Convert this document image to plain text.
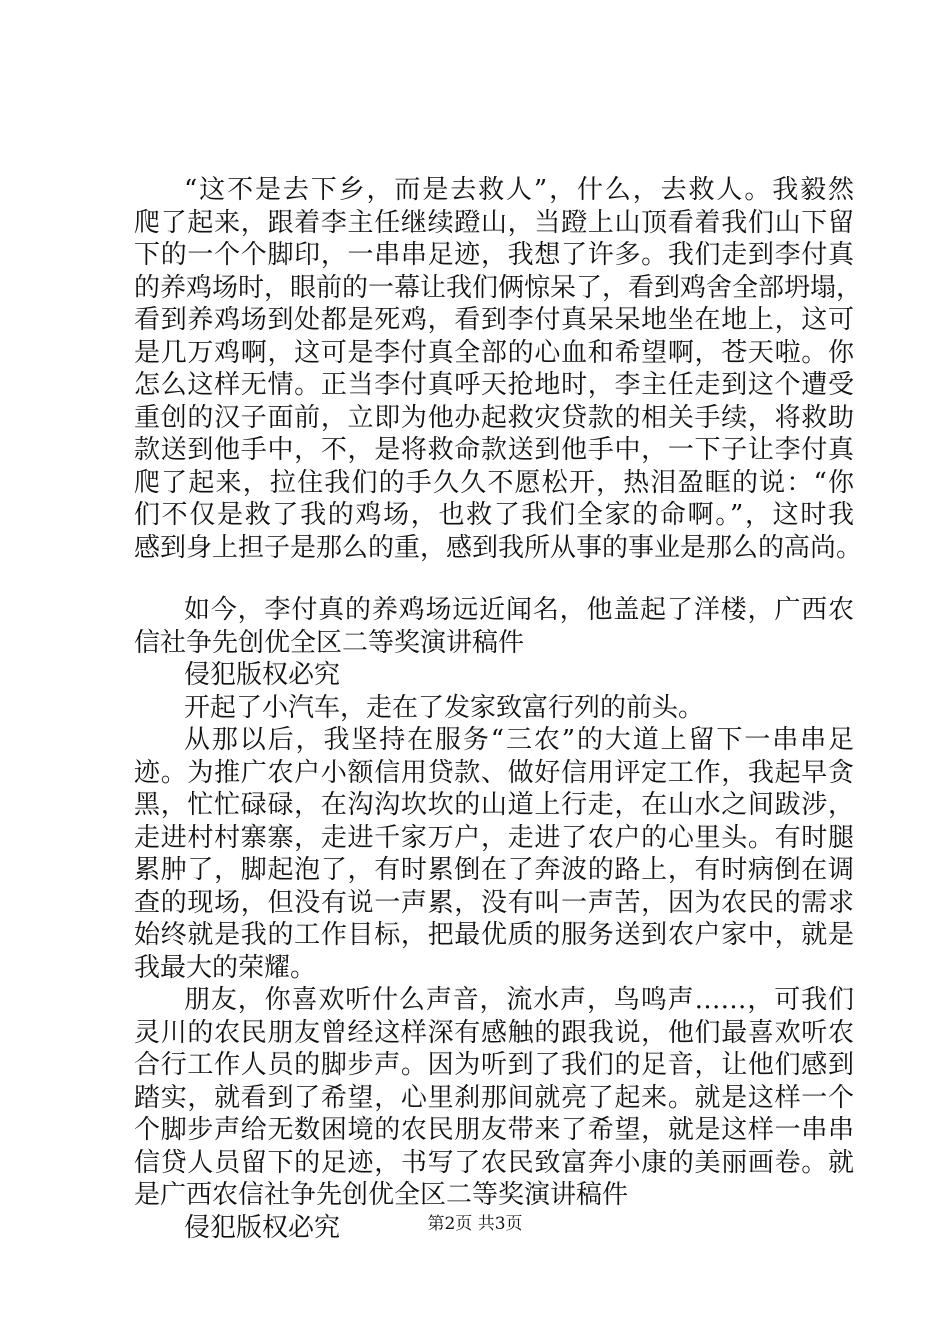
“这不是去下乡，而是去救人”，什么，去救人。我毅然
爬了起来，跟着李主任继续蹬山，当蹬上山顶看着我们山下留
下的一个个脚印，一串串足迹，我想了许多。我们走到李付真
的养鸡场时，眼前的一幕让我们俩惊呆了，看到鸡舍全部坍塌，
看到养鸡场到处都是死鸡，看到李付真呆呆地坐在地上，这可
是几万鸡啊，这可是李付真全部的心血和希望啊，苍天啦。你
怎么这样无情。正当李付真呼天抢地时，李主任走到这个遭受
重创的汉子面前，立即为他办起救灾贷款的相关手续，将救助
款送到他手中，不，是将救命款送到他手中，一下子让李付真
爬了起来，拉住我们的手久久不愿松开，热泪盈眶的说：“你
们不仅是救了我的鸡场，也救了我们全家的命啊。”，这时我
感到身上担子是那么的重，感到我所从事的事业是那么的高尚。
如今，李付真的养鸡场远近闻名，他盖起了洋楼，广西农
信社争先创优全区二等奖演讲稿件
侵犯版权必究
开起了小汽车，走在了发家致富行列的前头。
从那以后，我坚持在服务“三农”的大道上留下一串串足
迹。为推广农户小额信用贷款、做好信用评定工作，我起早贪
黑，忙忙碌碌，在沟沟坎坎的山道上行走，在山水之间跋涉，
走进村村寨寨，走进千家万户，走进了农户的心里头。有时腿
累肿了，脚起泡了，有时累倒在了奔波的路上，有时病倒在调
查的现场，但没有说一声累，没有叫一声苦，因为农民的需求
始终就是我的工作目标，把最优质的服务送到农户家中，就是
我最大的荣耀。
朋友，你喜欢听什么声音，流水声，鸟鸣声……，可我们
灵川的农民朋友曾经这样深有感触的跟我说，他们最喜欢听农
合行工作人员的脚步声。因为听到了我们的足音，让他们感到
踏实，就看到了希望，心里刹那间就亮了起来。就是这样一个
个脚步声给无数困境的农民朋友带来了希望，就是这样一串串
信贷人员留下的足迹，书写了农民致富奔小康的美丽画卷。就
是广西农信社争先创优全区二等奖演讲稿件
侵犯版权必究	第2页 共3页
